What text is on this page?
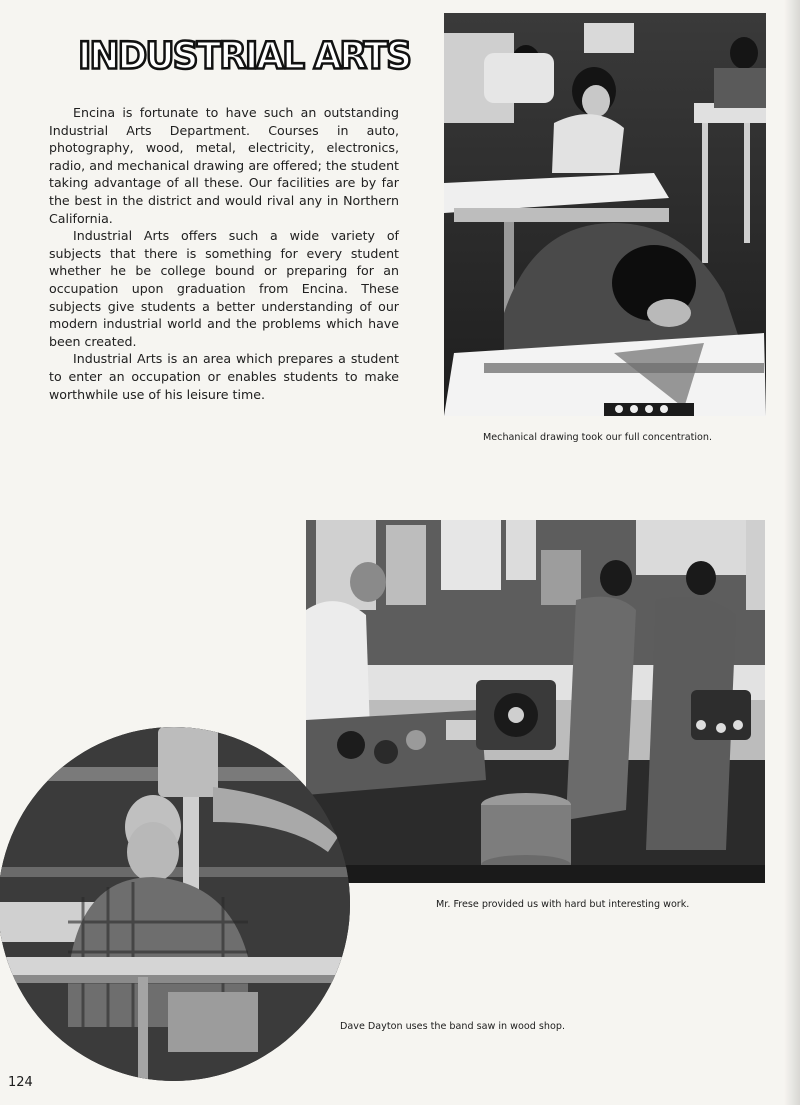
INDUSTRIAL ARTS

Encina is fortunate to have such an outstanding Industrial Arts Department. Courses in auto, photography, wood, metal, electricity, electronics, radio, and mechanical drawing are offered; the student taking advantage of all these. Our facilities are by far the best in the district and would rival any in Northern California.

Industrial Arts offers such a wide variety of subjects that there is something for every student whether he be college bound or preparing for an occupation upon graduation from Encina. These subjects give students a better understanding of our modern industrial world and the problems which have been created.

Industrial Arts is an area which prepares a student to enter an occupation or enables students to make worthwhile use of his leisure time.

Mechanical drawing took our full concentration.
Mr. Frese provided us with hard but interesting work.
Dave Dayton uses the band saw in wood shop.
124
